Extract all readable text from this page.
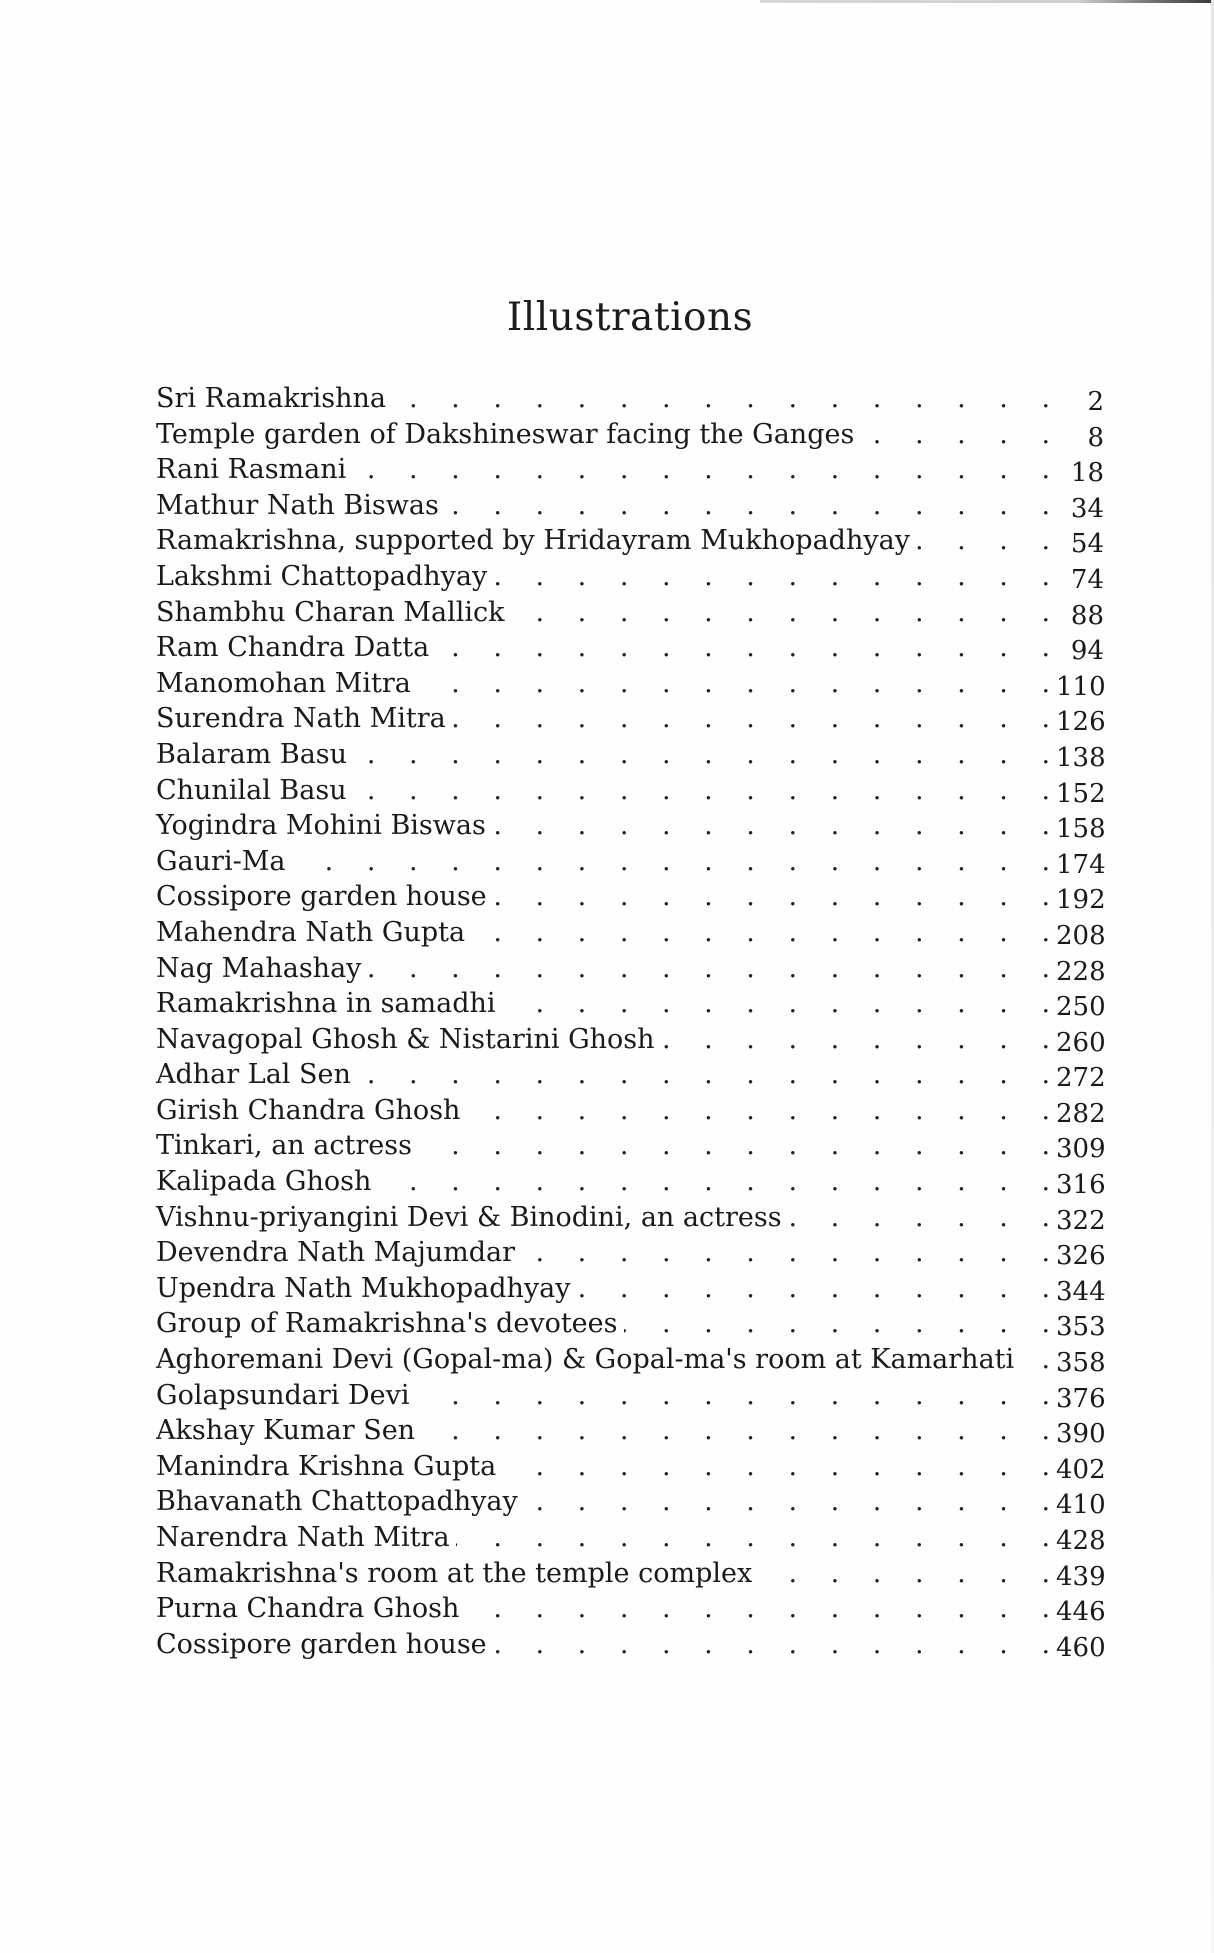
Illustrations
. . .
Sri Ramakrishna	2
. . .
Temple garden of Dakshineswar facing the Ganges	8
. . .
Rani Rasmani	18
. . .
Mathur Nath Biswas	34
. . .
Ramakrishna, supported by Hridayram Mukhopadhyay	54
. . .
Lakshmi Chattopadhyay	74
. . .
Shambhu Charan Mallick	88
. . .
Ram Chandra Datta	94
. . .
Manomohan Mitra	110
. . .
Surendra Nath Mitra	126
. . .
Balaram Basu	138
. . .
Chunilal Basu	152
. . .
Yogindra Mohini Biswas	158
. . .
Gauri-Ma	174
. . .
Cossipore garden house	192
. . .
Mahendra Nath Gupta	208
. . .
Nag Mahashay	228
. . .
Ramakrishna in samadhi	250
. . .
Navagopal Ghosh & Nistarini Ghosh	260
. . .
Adhar Lal Sen	272
. . .
Girish Chandra Ghosh	282
. . .
Tinkari, an actress	309
. . .
Kalipada Ghosh	316
. . .
Vishnu-priyangini Devi & Binodini, an actress	322
. . .
Devendra Nath Majumdar	326
. . .
Upendra Nath Mukhopadhyay	344
. . .
Group of Ramakrishna's devotees	353
. . .
Aghoremani Devi (Gopal-ma) & Gopal-ma's room at Kamarhati 358
. . .
Golapsundari Devi	376
. . .
Akshay Kumar Sen	390
. . .
Manindra Krishna Gupta	402
. . .
Bhavanath Chattopadhyay	410
. . .
Narendra Nath Mitra	428
. . .
Ramakrishna's room at the temple complex	439
. . .
Purna Chandra Ghosh	446
. . .
Cossipore garden house	460
